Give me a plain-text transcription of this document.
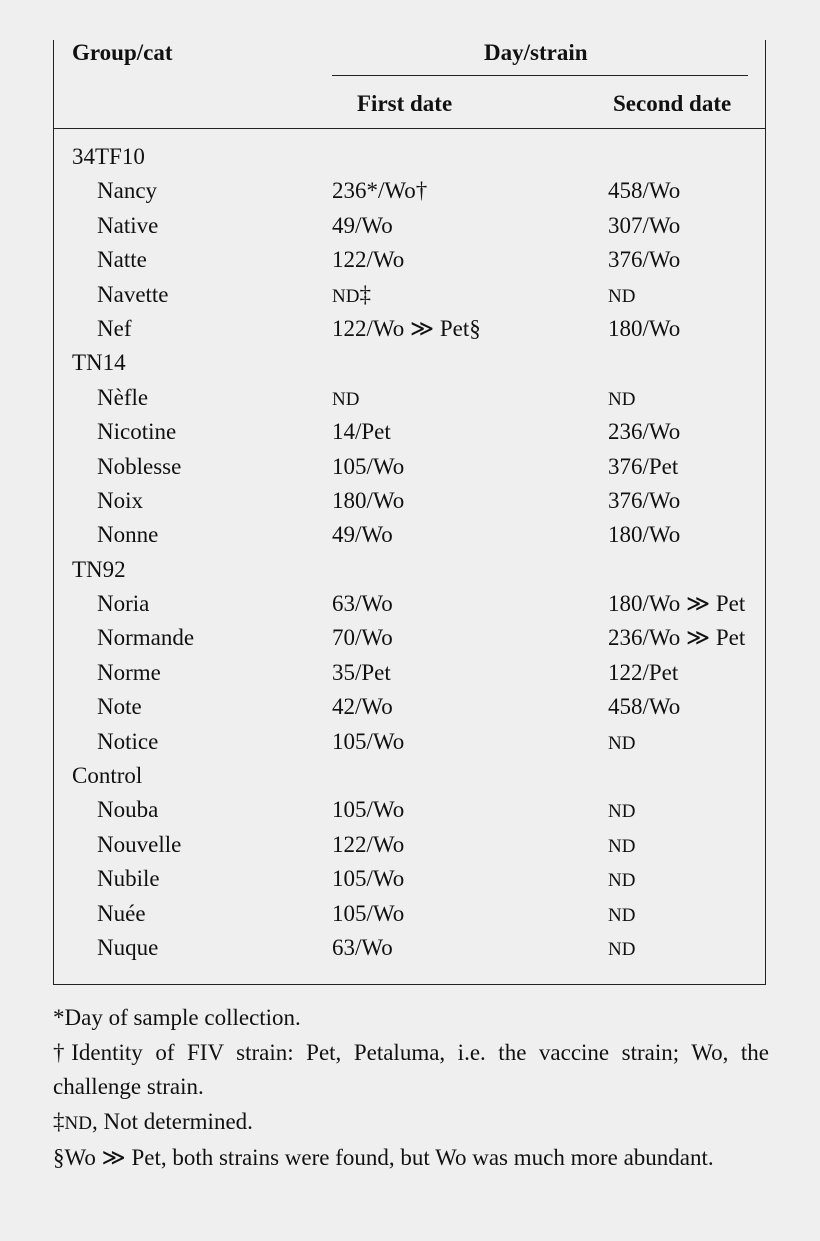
Group/cat	Day/strain
First date	Second date
34TF10
Nancy	236*/Wo†	458/Wo
Native	49/Wo	307/Wo
Natte	122/Wo	376/Wo
Navette	ND‡	ND
Nef	122/Wo ≫ Pet§	180/Wo
TN14
Nèfle	ND	ND
Nicotine	14/Pet	236/Wo
Noblesse	105/Wo	376/Pet
Noix	180/Wo	376/Wo
Nonne	49/Wo	180/Wo
TN92
Noria	63/Wo	180/Wo ≫ Pet
Normande	70/Wo	236/Wo ≫ Pet
Norme	35/Pet	122/Pet
Note	42/Wo	458/Wo
Notice	105/Wo	ND
Control
Nouba	105/Wo	ND
Nouvelle	122/Wo	ND
Nubile	105/Wo	ND
Nuée	105/Wo	ND
Nuque	63/Wo	ND
*Day of sample collection.
†Identity of FIV strain: Pet, Petaluma, i.e. the vaccine strain; Wo, the challenge strain.
‡ND, Not determined.
§Wo ≫ Pet, both strains were found, but Wo was much more abundant.
